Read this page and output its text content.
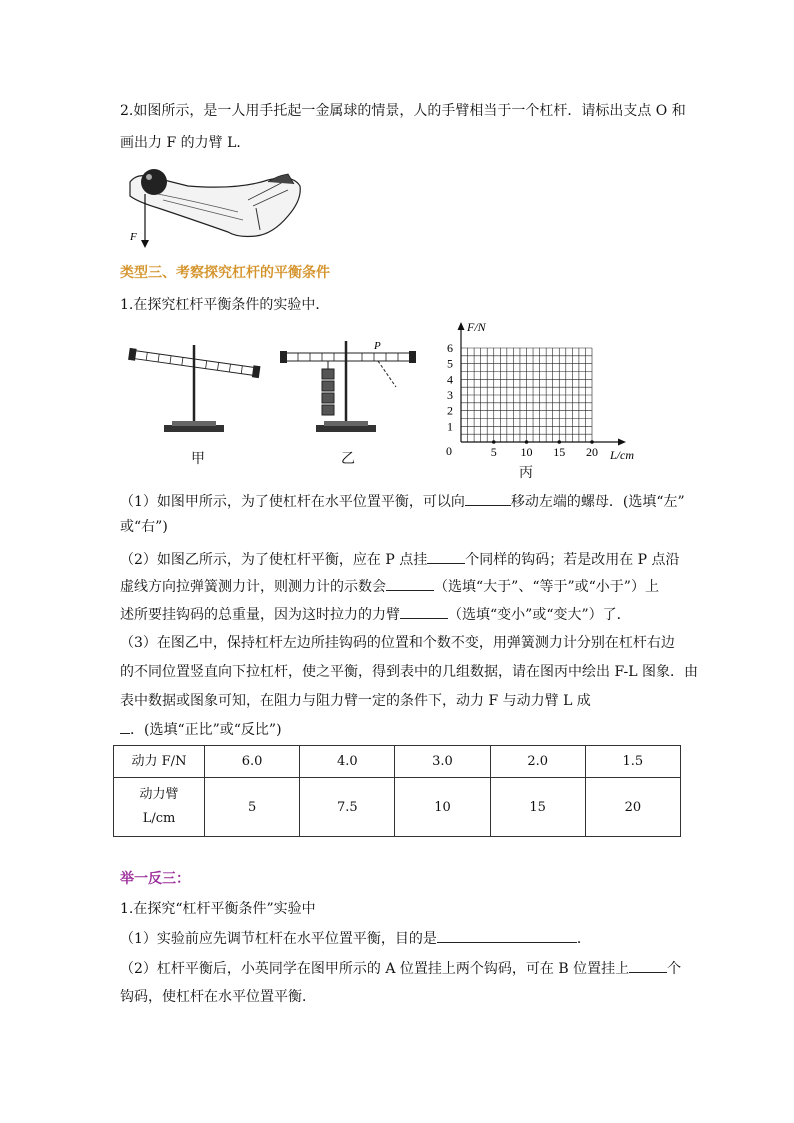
2.如图所示，是一人用手托起一金属球的情景，人的手臂相当于一个杠杆．请标出支点 O 和
画出力 F 的力臂 L．
F
类型三、考察探究杠杆的平衡条件
1.在探究杠杆平衡条件的实验中．
P
F/N
L/cm
0	5 10 15 20
1
2
3
4
5
6
甲	乙
丙
（1）如图甲所示，为了使杠杆在水平位置平衡，可以向	移动左端的螺母．(选填“左”
或“右”)
（2）如图乙所示，为了使杠杆平衡，应在 P 点挂	个同样的钩码；若是改用在 P 点沿
虚线方向拉弹簧测力计，则测力计的示数会	（选填“大于”、“等于”或“小于”）上
述所要挂钩码的总重量，因为这时拉力的力臂	（选填“变小”或“变大”）了．
（3）在图乙中，保持杠杆左边所挂钩码的位置和个数不变，用弹簧测力计分别在杠杆右边
的不同位置竖直向下拉杠杆，使之平衡，得到表中的几组数据，请在图丙中绘出 F-L 图象．由
表中数据或图象可知，在阻力与阻力臂一定的条件下，动力 F 与动力臂 L 成
．(选填“正比”或“反比”)
动力 F/N	6.0	4.0	3.0	2.0	1.5
动力臂
L/cm	5	7.5	10	15	20
举一反三：
1.在探究“杠杆平衡条件”实验中
（1）实验前应先调节杠杆在水平位置平衡，目的是	．
（2）杠杆平衡后，小英同学在图甲所示的 A 位置挂上两个钩码，可在 B 位置挂上	个
钩码，使杠杆在水平位置平衡．
